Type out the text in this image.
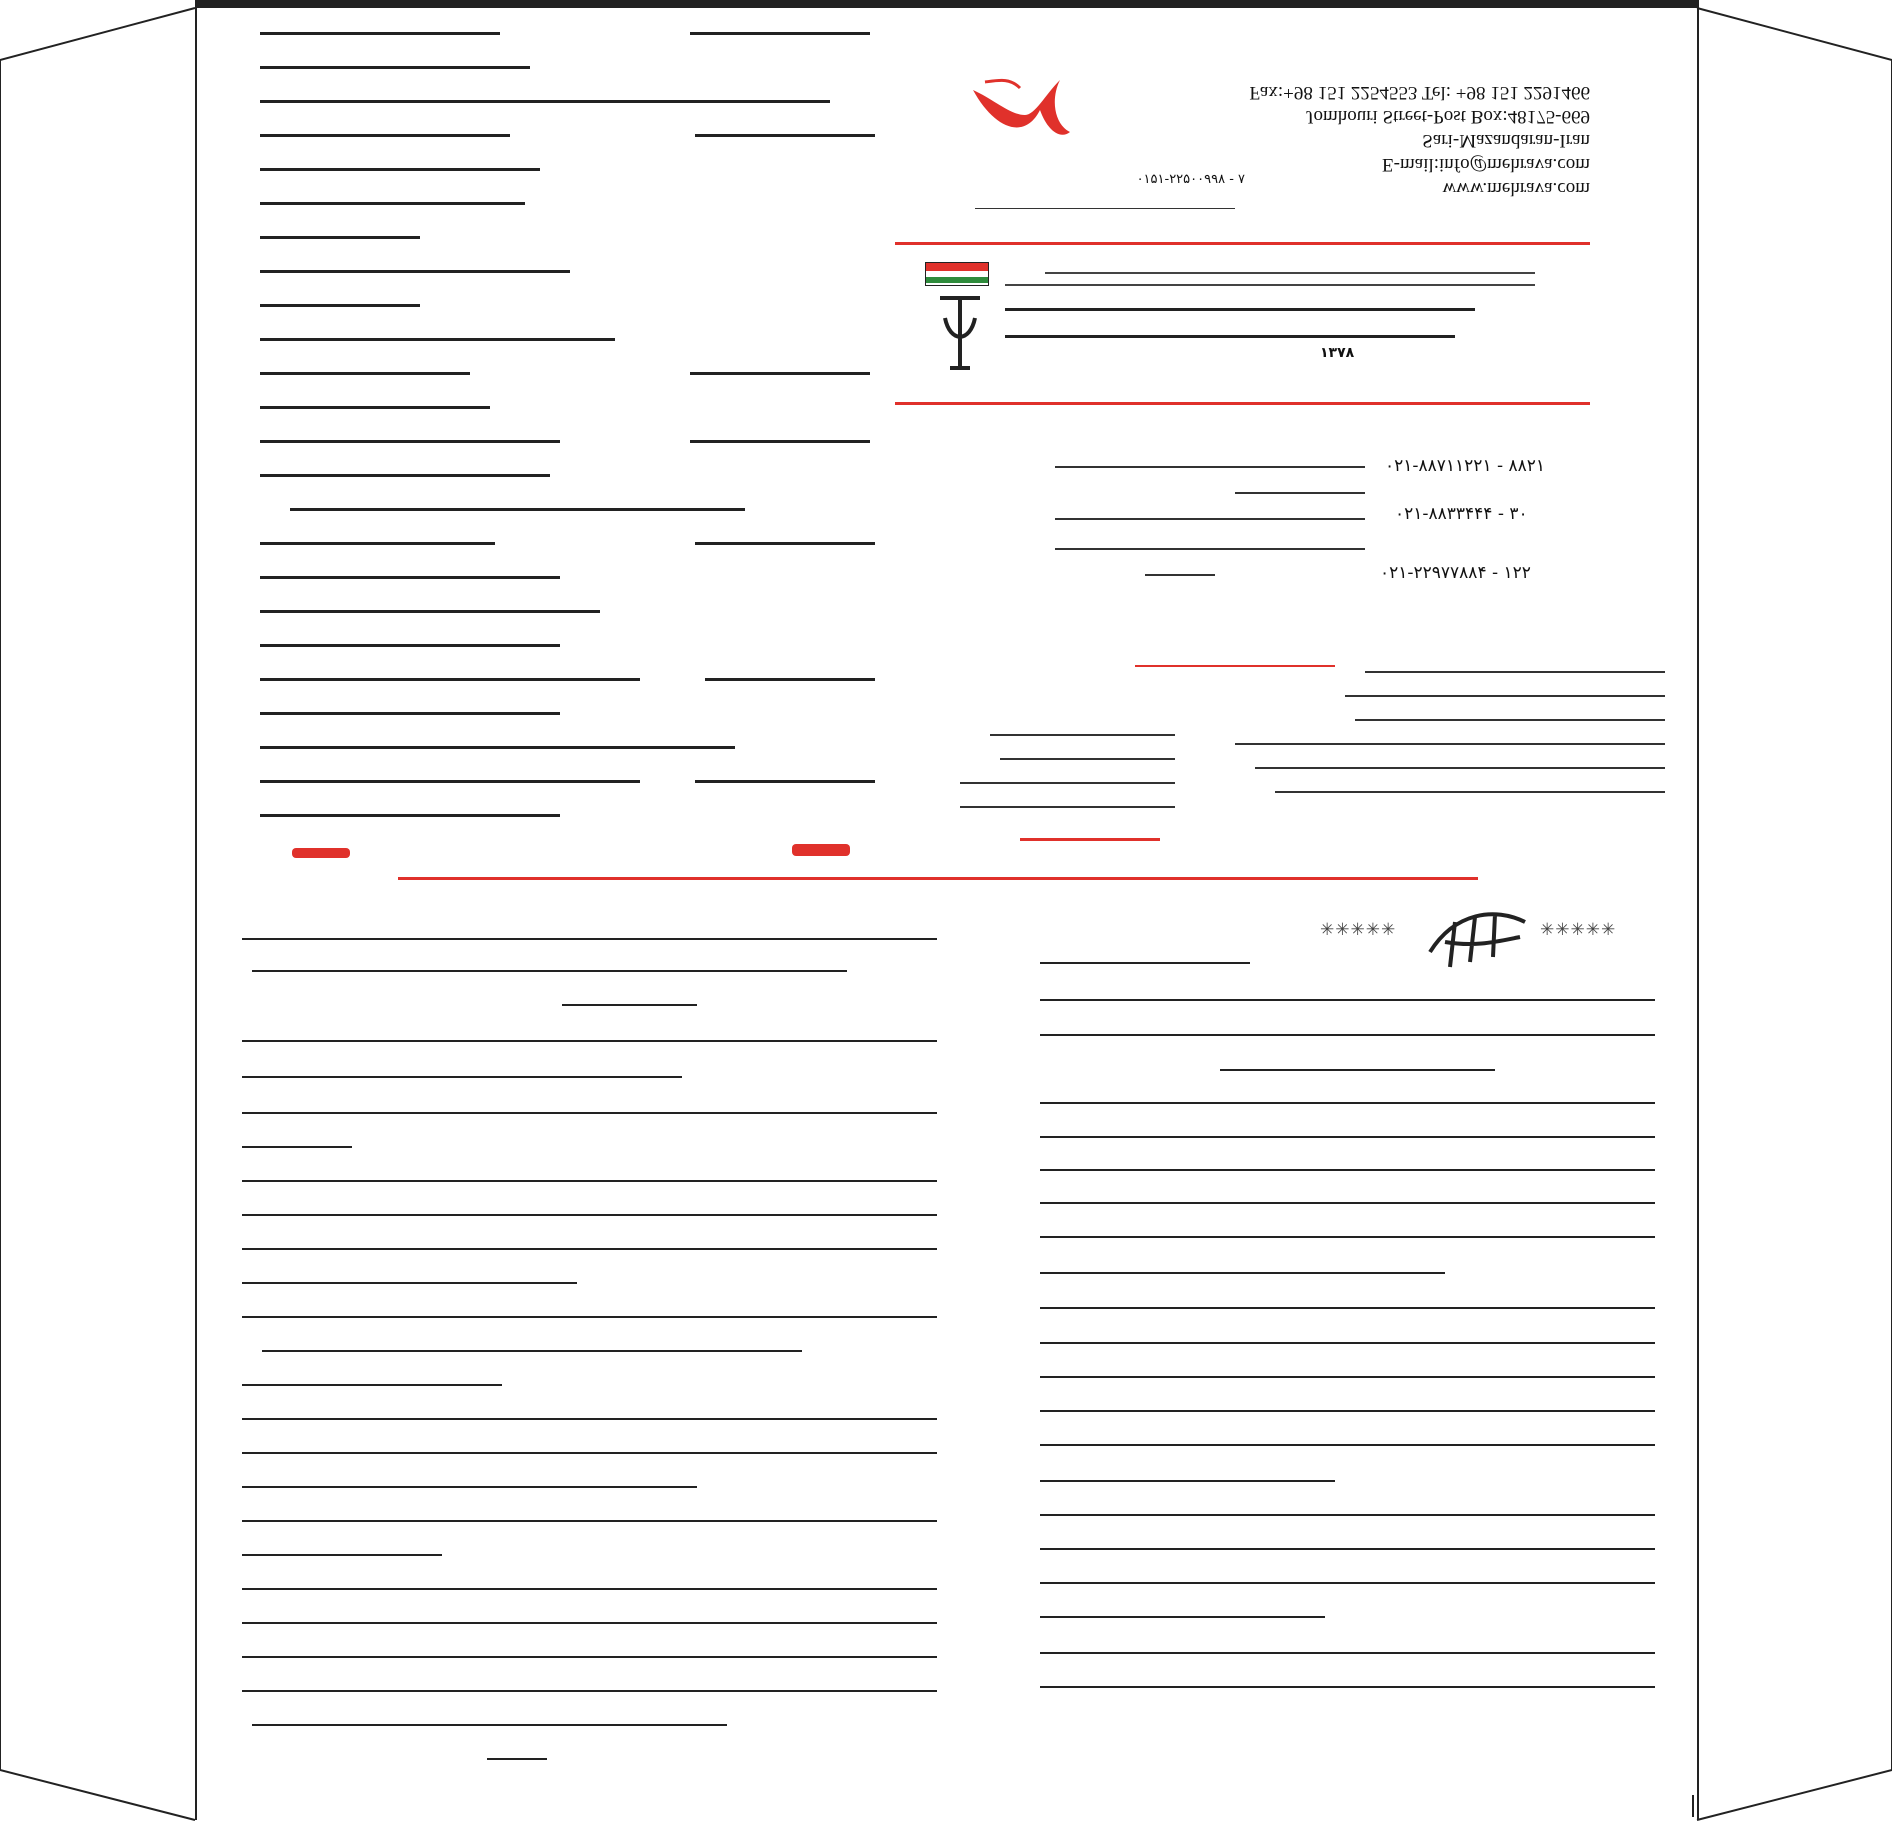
Fax:+98 151 2254553 Tel: +98 151 2291466
Jomhouri Street-Post Box:48175-669
Sari-Mazandaran-Iran
E-mail:info@mehrava.com
www.mehrava.com
۰۱۵۱-۲۲۵۰۰۹۹۸ - ۷
۱۳۷۸
۰۲۱-۸۸۷۱۱۲۲۱ - ۸۸۲۱
۰۲۱-۸۸۳۳۴۴۴ - ۳۰
۰۲۱-۲۲۹۷۷۸۸۴ - ۱۲۲
✳✳✳✳✳	✳✳✳✳✳
